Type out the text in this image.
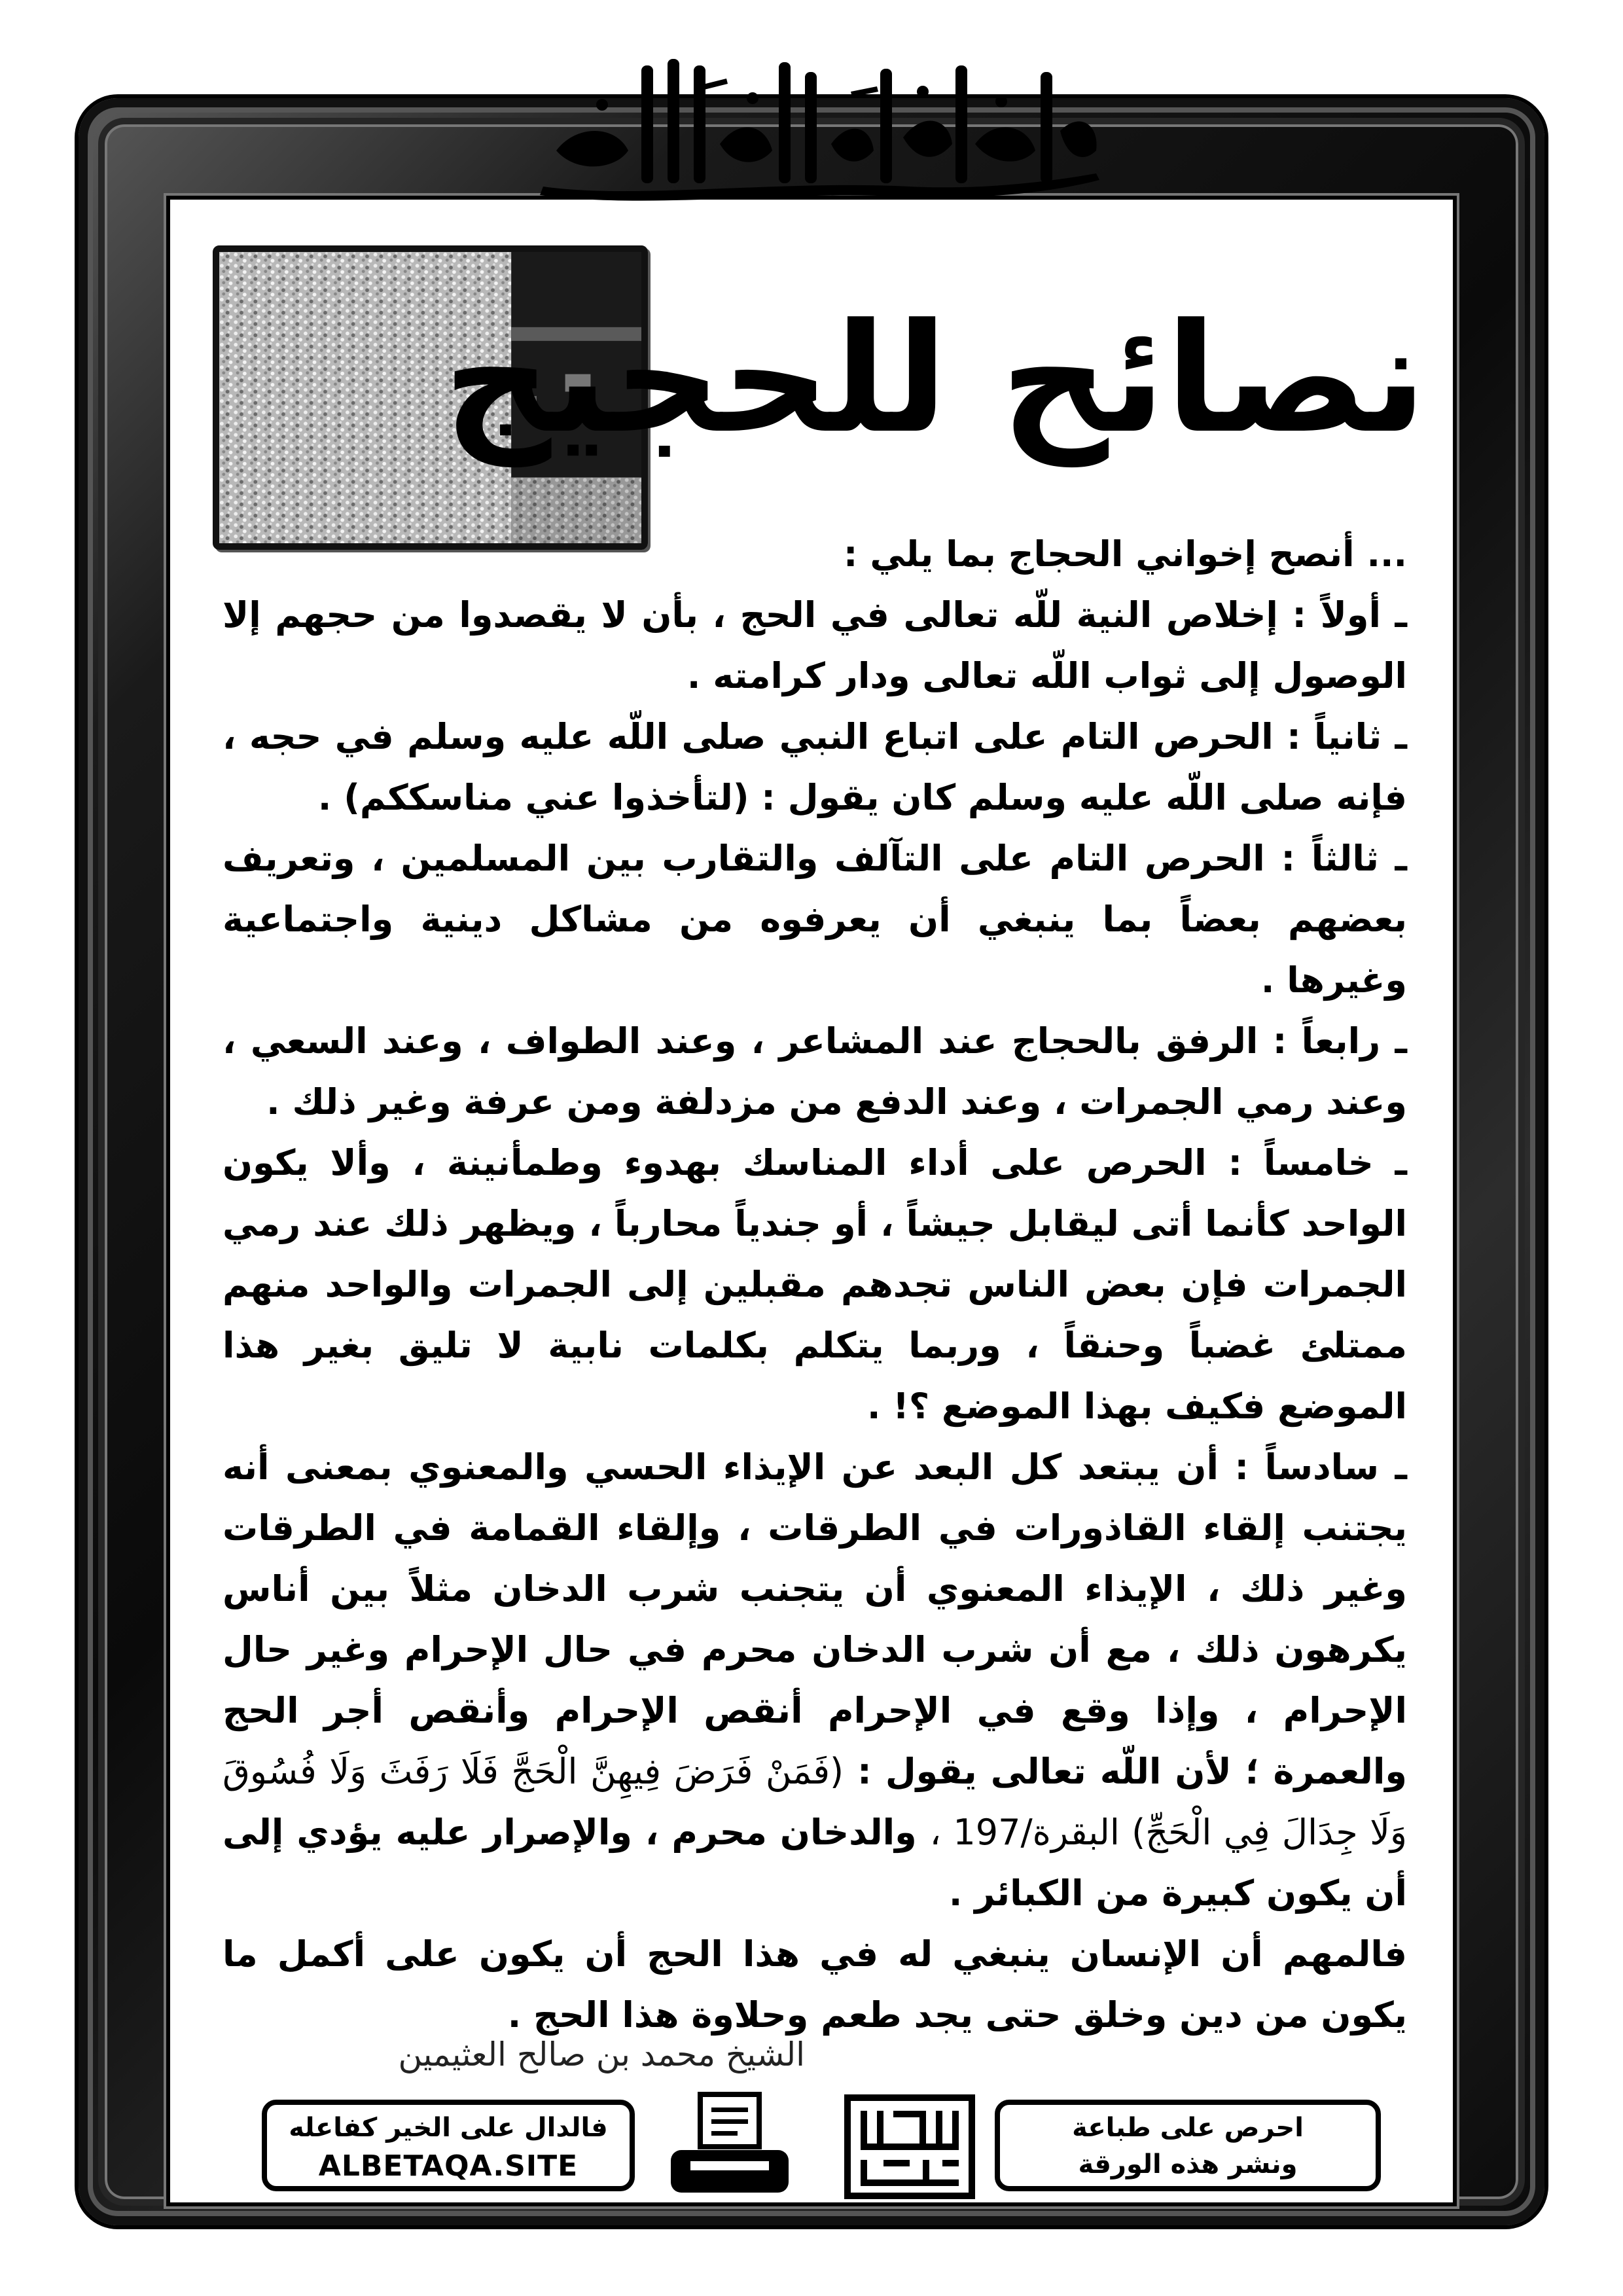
نصائح للحجيج

... أنصح إخواني الحجاج بما يلي :

ـ أولاً : إخلاص النية للّه تعالى في الحج ، بأن لا يقصدوا من حجهم إلا الوصول إلى ثواب اللّه تعالى ودار كرامته .

ـ ثانياً : الحرص التام على اتباع النبي صلى اللّه عليه وسلم في حجه ، فإنه صلى اللّه عليه وسلم كان يقول : (لتأخذوا عني مناسككم) .

ـ ثالثاً : الحرص التام على التآلف والتقارب بين المسلمين ، وتعريف بعضهم بعضاً بما ينبغي أن يعرفوه من مشاكل دينية واجتماعية وغيرها .

ـ رابعاً : الرفق بالحجاج عند المشاعر ، وعند الطواف ، وعند السعي ، وعند رمي الجمرات ، وعند الدفع من مزدلفة ومن عرفة وغير ذلك .

ـ خامساً : الحرص على أداء المناسك بهدوء وطمأنينة ، وألا يكون الواحد كأنما أتى ليقابل جيشاً ، أو جندياً محارباً ، ويظهر ذلك عند رمي الجمرات فإن بعض الناس تجدهم مقبلين إلى الجمرات والواحد منهم ممتلئ غضباً وحنقاً ، وربما يتكلم بكلمات نابية لا تليق بغير هذا الموضع فكيف بهذا الموضع ؟! .

ـ سادساً : أن يبتعد كل البعد عن الإيذاء الحسي والمعنوي بمعنى أنه يجتنب إلقاء القاذورات في الطرقات ، وإلقاء القمامة في الطرقات وغير ذلك ، الإيذاء المعنوي أن يتجنب شرب الدخان مثلاً بين أناس يكرهون ذلك ، مع أن شرب الدخان محرم في حال الإحرام وغير حال الإحرام ، وإذا وقع في الإحرام أنقص الإحرام وأنقص أجر الحج والعمرة ؛ لأن اللّه تعالى يقول : (فَمَنْ فَرَضَ فِيهِنَّ الْحَجَّ فَلَا رَفَثَ وَلَا فُسُوقَ وَلَا جِدَالَ فِي الْحَجِّ) البقرة/197 ، والدخان محرم ، والإصرار عليه يؤدي إلى أن يكون كبيرة من الكبائر .

فالمهم أن الإنسان ينبغي له في هذا الحج أن يكون على أكمل ما يكون من دين وخلق حتى يجد طعم وحلاوة هذا الحج .

الشيخ محمد بن صالح العثيمين
فالدال على الخير كفاعله
ALBETAQA.SITE
احرص على طباعة
ونشر هذه الورقة
